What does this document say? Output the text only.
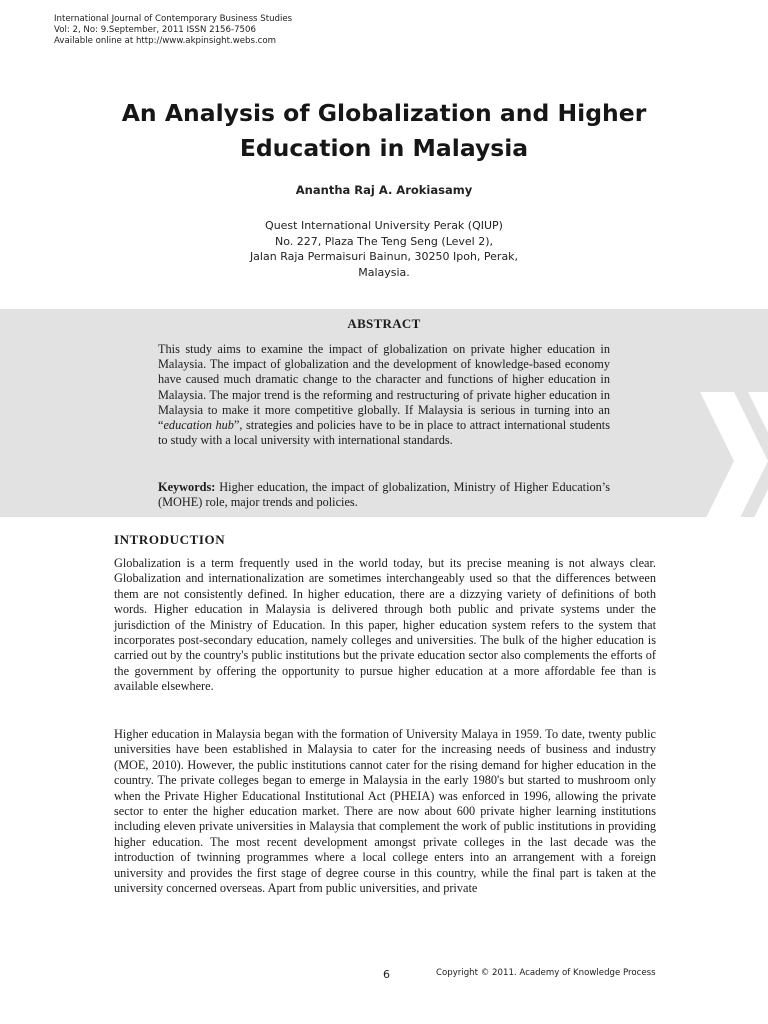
International Journal of Contemporary Business Studies
Vol: 2, No: 9.September, 2011 ISSN 2156-7506
Available online at http://www.akpinsight.webs.com
An Analysis of Globalization and Higher
Education in Malaysia
Anantha Raj A. Arokiasamy
Quest International University Perak (QIUP)
No. 227, Plaza The Teng Seng (Level 2),
Jalan Raja Permaisuri Bainun, 30250 Ipoh, Perak,
Malaysia.
ABSTRACT
This study aims to examine the impact of globalization on private higher education in Malaysia. The impact of globalization and the development of knowledge-based economy have caused much dramatic change to the character and functions of higher education in Malaysia. The major trend is the reforming and restructuring of private higher education in Malaysia to make it more competitive globally. If Malaysia is serious in turning into an “education hub”, strategies and policies have to be in place to attract international students to study with a local university with international standards.
Keywords: Higher education, the impact of globalization, Ministry of Higher Education’s (MOHE) role, major trends and policies.
INTRODUCTION

Globalization is a term frequently used in the world today, but its precise meaning is not always clear. Globalization and internationalization are sometimes interchangeably used so that the differences between them are not consistently defined. In higher education, there are a dizzying variety of definitions of both words. Higher education in Malaysia is delivered through both public and private systems under the jurisdiction of the Ministry of Education. In this paper, higher education system refers to the system that incorporates post-secondary education, namely colleges and universities. The bulk of the higher education is carried out by the country's public institutions but the private education sector also complements the efforts of the government by offering the opportunity to pursue higher education at a more affordable fee than is available elsewhere.

Higher education in Malaysia began with the formation of University Malaya in 1959. To date, twenty public universities have been established in Malaysia to cater for the increasing needs of business and industry (MOE, 2010). However, the public institutions cannot cater for the rising demand for higher education in the country. The private colleges began to emerge in Malaysia in the early 1980's but started to mushroom only when the Private Higher Educational Institutional Act (PHEIA) was enforced in 1996, allowing the private sector to enter the higher education market. There are now about 600 private higher learning institutions including eleven private universities in Malaysia that complement the work of public institutions in providing higher education. The most recent development amongst private colleges in the last decade was the introduction of twinning programmes where a local college enters into an arrangement with a foreign university and provides the first stage of degree course in this country, while the final part is taken at the university concerned overseas. Apart from public universities, and private

6	Copyright © 2011. Academy of Knowledge Process
